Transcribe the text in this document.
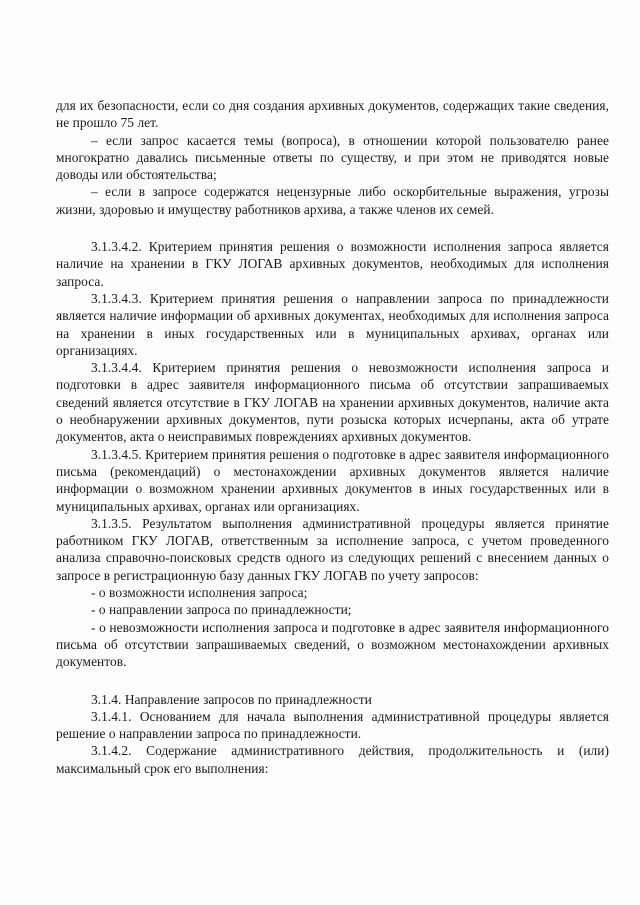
для их безопасности, если со дня создания архивных документов, содержащих такие сведения, не прошло 75 лет.

– если запрос касается темы (вопроса), в отношении которой пользователю ранее многократно давались письменные ответы по существу, и при этом не приводятся новые доводы или обстоятельства;

– если в запросе содержатся нецензурные либо оскорбительные выражения, угрозы жизни, здоровью и имуществу работников архива, а также членов их семей.

3.1.3.4.2. Критерием принятия решения о возможности исполнения запроса является наличие на хранении в ГКУ ЛОГАВ архивных документов, необходимых для исполнения запроса.

3.1.3.4.3. Критерием принятия решения о направлении запроса по принадлежности является наличие информации об архивных документах, необходимых для исполнения запроса на хранении в иных государственных или в муниципальных архивах, органах или организациях.

3.1.3.4.4. Критерием принятия решения о невозможности исполнения запроса и подготовки в адрес заявителя информационного письма об отсутствии запрашиваемых сведений является отсутствие в ГКУ ЛОГАВ на хранении архивных документов, наличие акта о необнаружении архивных документов, пути розыска которых исчерпаны, акта об утрате документов, акта о неисправимых повреждениях архивных документов.

3.1.3.4.5. Критерием принятия решения о подготовке в адрес заявителя информационного письма (рекомендаций) о местонахождении архивных документов является наличие информации о возможном хранении архивных документов в иных государственных или в муниципальных архивах, органах или организациях.

3.1.3.5. Результатом выполнения административной процедуры является принятие работником ГКУ ЛОГАВ, ответственным за исполнение запроса, с учетом проведенного анализа справочно-поисковых средств одного из следующих решений с внесением данных о запросе в регистрационную базу данных ГКУ ЛОГАВ по учету запросов:

- о возможности исполнения запроса;

- о направлении запроса по принадлежности;

- о невозможности исполнения запроса и подготовке в адрес заявителя информационного письма об отсутствии запрашиваемых сведений, о возможном местонахождении архивных документов.

3.1.4. Направление запросов по принадлежности

3.1.4.1. Основанием для начала выполнения административной процедуры является решение о направлении запроса по принадлежности.

3.1.4.2. Содержание административного действия, продолжительность и (или) максимальный срок его выполнения:
